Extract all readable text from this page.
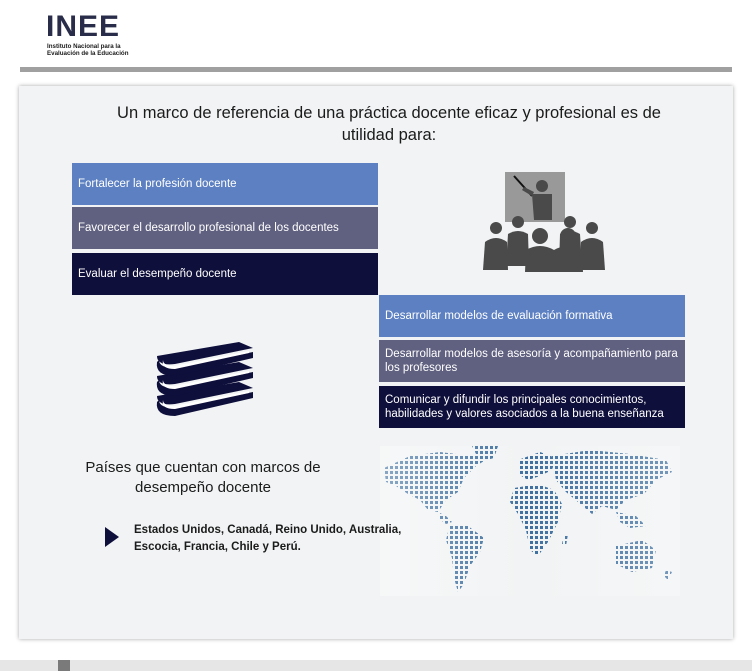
INEE
Instituto Nacional para la
Evaluación de la Educación
Un marco de referencia de una práctica docente eficaz y profesional es de utilidad para:
Fortalecer la profesión docente
Favorecer el desarrollo profesional de los docentes
Evaluar el desempeño docente
Desarrollar modelos de evaluación formativa
Desarrollar modelos de asesoría y acompañamiento para los profesores
Comunicar y difundir los principales conocimientos, habilidades y valores asociados a la buena enseñanza
Países que cuentan con marcos de desempeño docente
Estados Unidos, Canadá, Reino Unido, Australia, Escocia, Francia, Chile y Perú.
